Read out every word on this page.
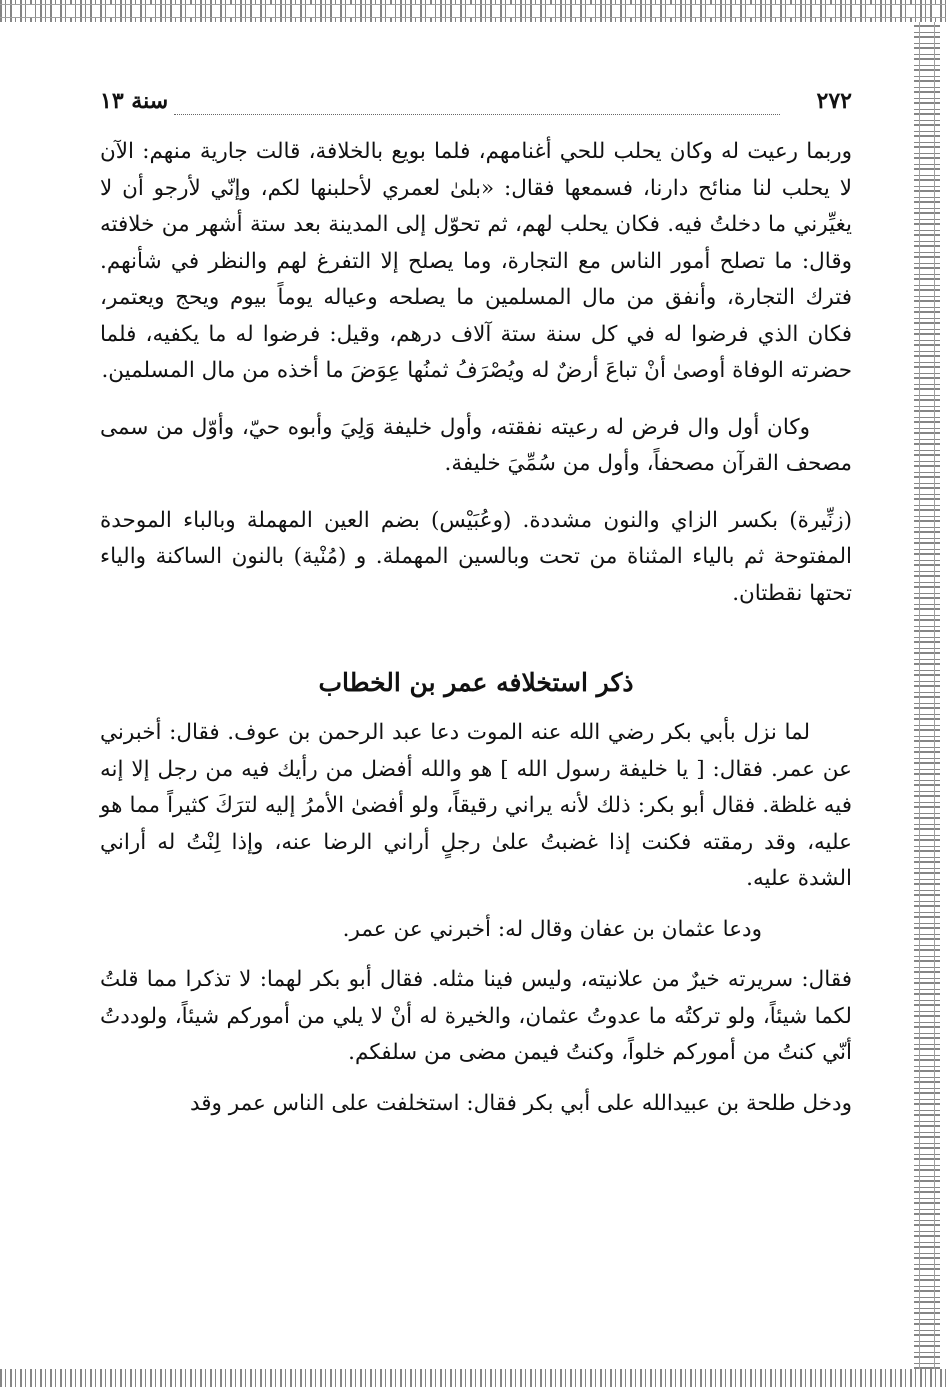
٢٧٢
سنة ١٣

وربما رعيت له وكان يحلب للحي أغنامهم، فلما بويع بالخلافة، قالت جارية منهم: الآن لا يحلب لنا منائح دارنا، فسمعها فقال: «بلىٰ لعمري لأحلبنها لكم، وإنّي لأرجو أن لا يغيِّرني ما دخلتُ فيه. فكان يحلب لهم، ثم تحوّل إلى المدينة بعد ستة أشهر من خلافته وقال: ما تصلح أمور الناس مع التجارة، وما يصلح إلا التفرغ لهم والنظر في شأنهم. فترك التجارة، وأنفق من مال المسلمين ما يصلحه وعياله يوماً بيوم ويحج ويعتمر، فكان الذي فرضوا له في كل سنة ستة آلاف درهم، وقيل: فرضوا له ما يكفيه، فلما حضرته الوفاة أوصىٰ أنْ تباعَ أرضٌ له ويُصْرَفُ ثمنُها عِوَضَ ما أخذه من مال المسلمين.

وكان أول وال فرض له رعيته نفقته، وأول خليفة وَلِيَ وأبوه حيّ، وأوّل من سمى مصحف القرآن مصحفاً، وأول من سُمِّيَ خليفة.

(زنِّيرة) بكسر الزاي والنون مشددة. (وعُبَيْس) بضم العين المهملة وبالباء الموحدة المفتوحة ثم بالياء المثناة من تحت وبالسين المهملة. و (مُنْية) بالنون الساكنة والياء تحتها نقطتان.

ذكر استخلافه عمر بن الخطاب

لما نزل بأبي بكر رضي الله عنه الموت دعا عبد الرحمن بن عوف. فقال: أخبرني عن عمر. فقال: [ يا خليفة رسول الله ] هو والله أفضل من رأيك فيه من رجل إلا إنه فيه غلظة. فقال أبو بكر: ذلك لأنه يراني رقيقاً، ولو أفضىٰ الأمرُ إليه لترَكَ كثيراً مما هو عليه، وقد رمقته فكنت إذا غضبتُ علىٰ رجلٍ أراني الرضا عنه، وإذا لِنْتُ له أراني الشدة عليه.

ودعا عثمان بن عفان وقال له: أخبرني عن عمر.

فقال: سريرته خيرٌ من علانيته، وليس فينا مثله. فقال أبو بكر لهما: لا تذكرا مما قلتُ لكما شيئاً، ولو تركتُه ما عدوتُ عثمان، والخيرة له أنْ لا يلي من أموركم شيئاً، ولوددتُ أنّي كنتُ من أموركم خلواً، وكنتُ فيمن مضى من سلفكم.

ودخل طلحة بن عبيدالله على أبي بكر فقال: استخلفت على الناس عمر وقد
